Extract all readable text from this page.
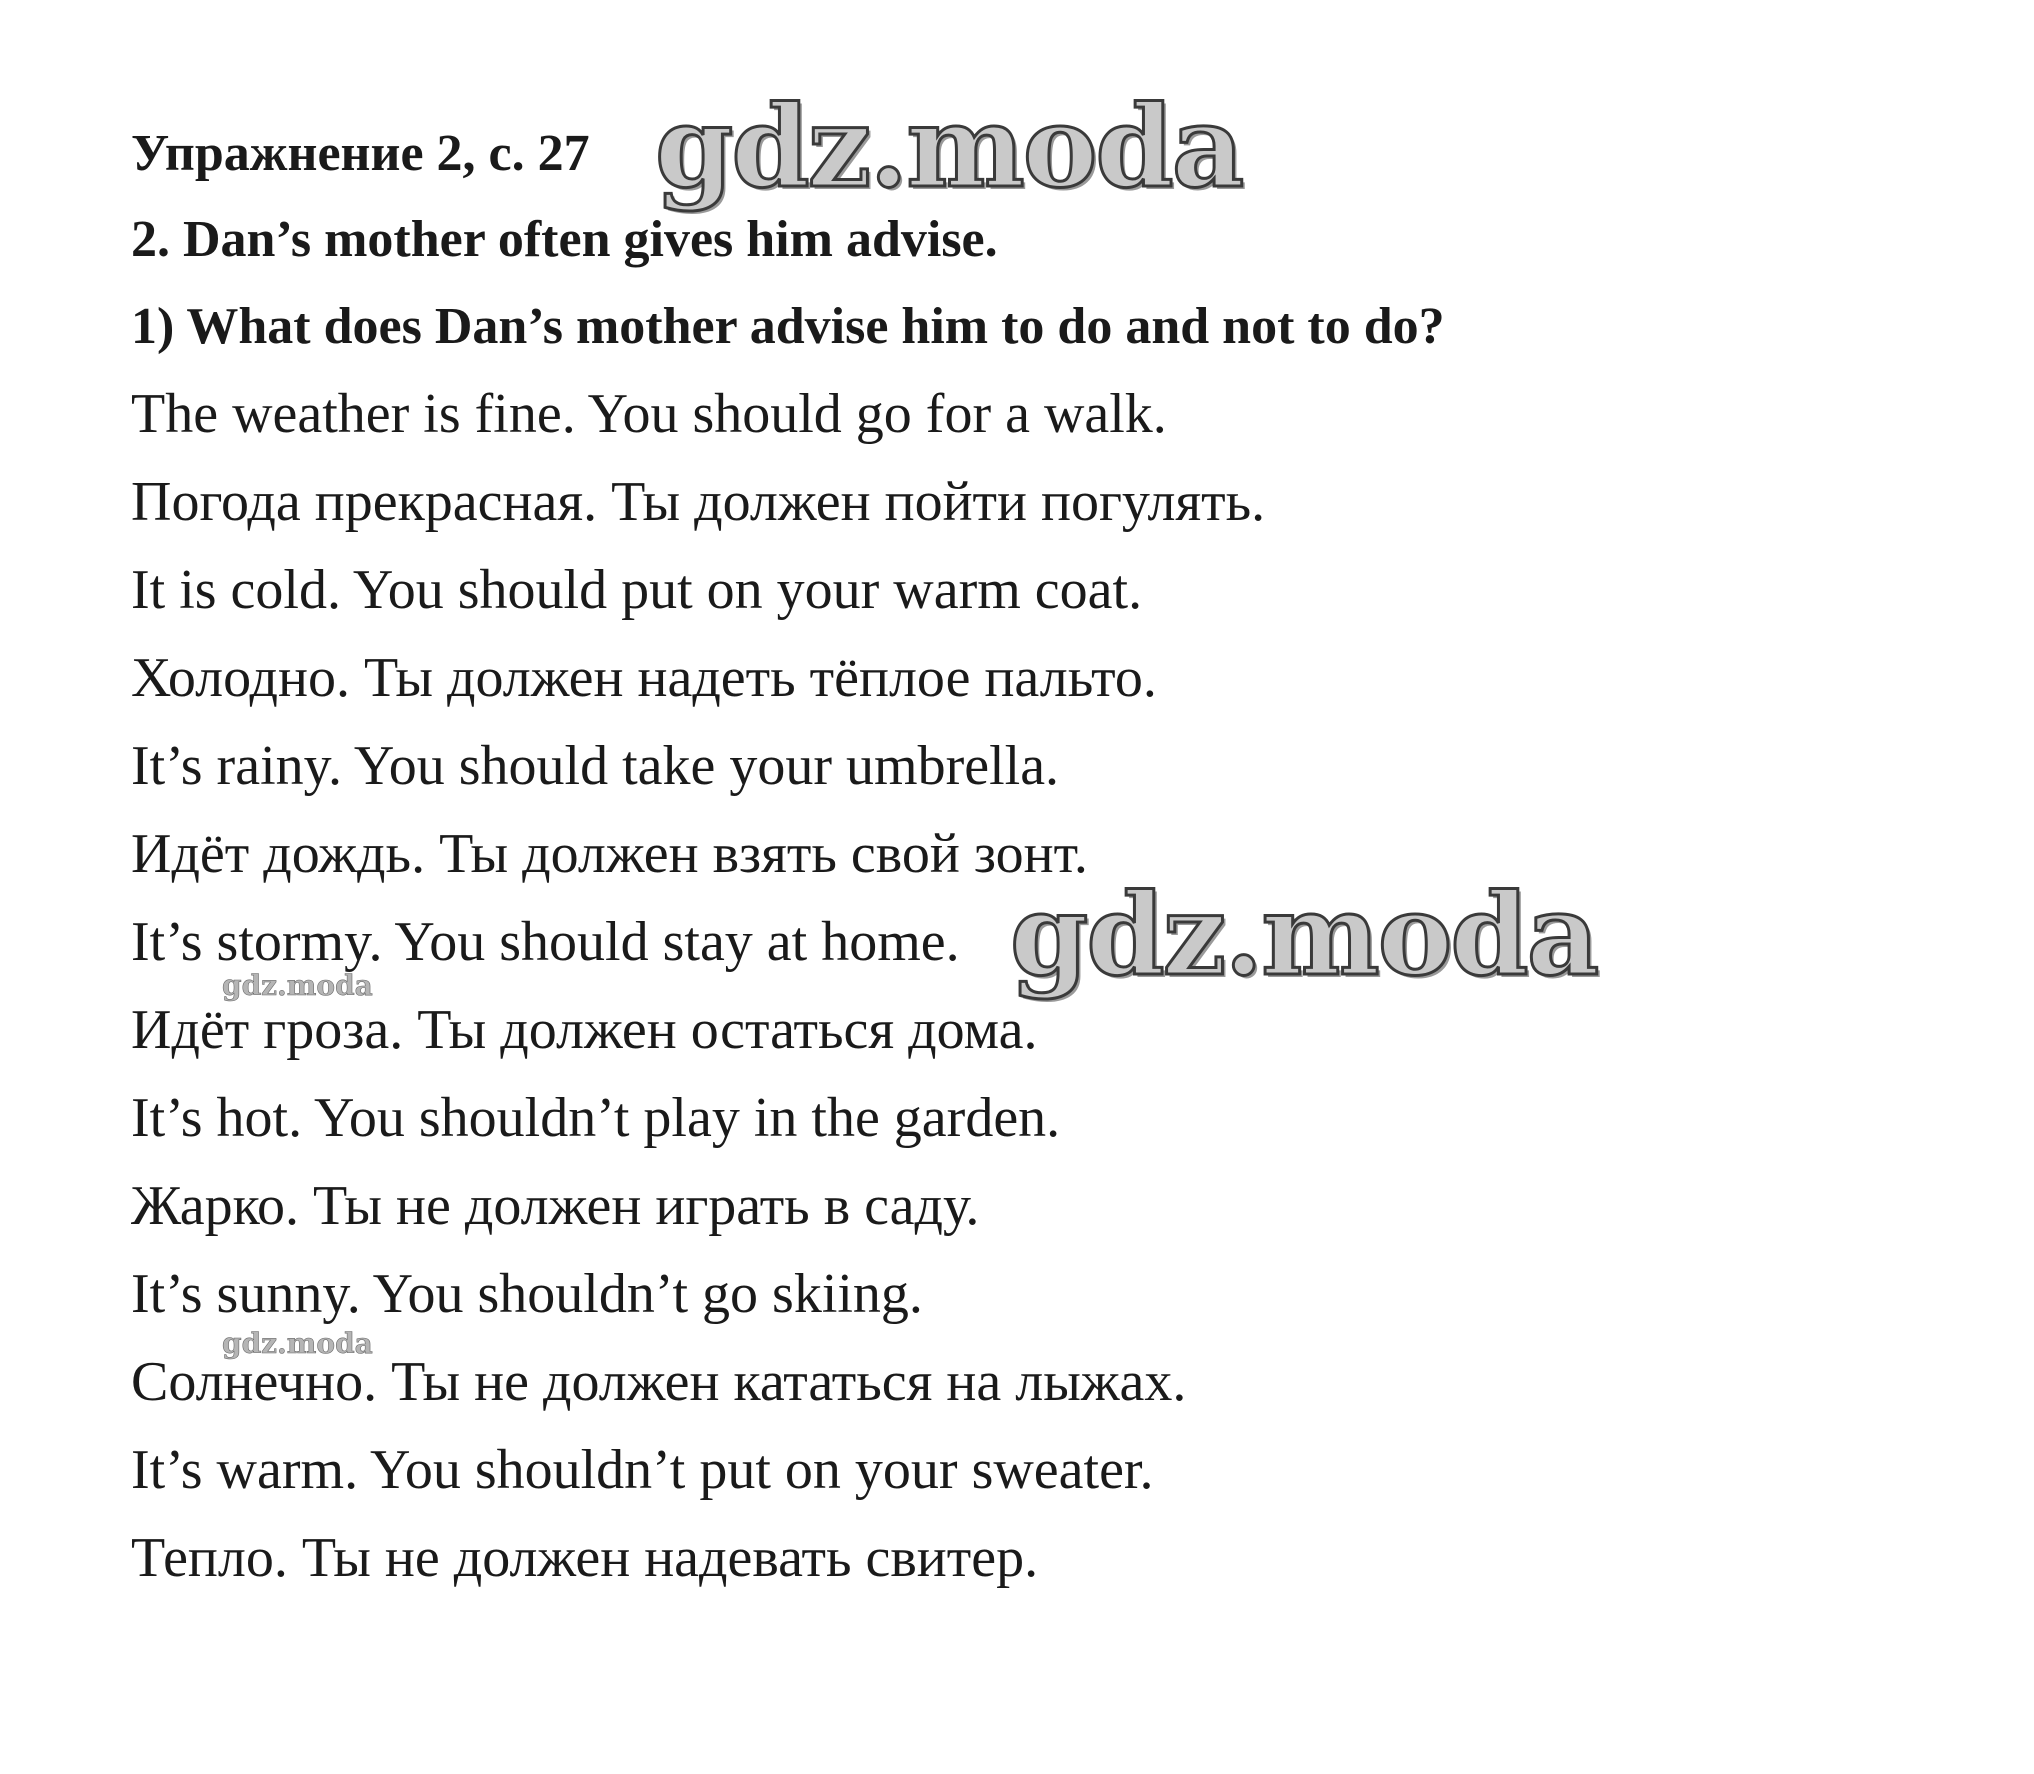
Упражнение 2, с. 27
2. Dan’s mother often gives him advise.
1) What does Dan’s mother advise him to do and not to do?
The weather is fine. You should go for a walk.
Погода прекрасная. Ты должен пойти погулять.
It is cold. You should put on your warm coat.
Холодно. Ты должен надеть тёплое пальто.
It’s rainy. You should take your umbrella.
Идёт дождь. Ты должен взять свой зонт.
It’s stormy. You should stay at home.
Идёт гроза. Ты должен остаться дома.
It’s hot. You shouldn’t play in the garden.
Жарко. Ты не должен играть в саду.
It’s sunny. You shouldn’t go skiing.
Солнечно. Ты не должен кататься на лыжах.
It’s warm. You shouldn’t put on your sweater.
Тепло. Ты не должен надевать свитер.
gdz.moda
gdz.moda
gdz.moda
gdz.moda
